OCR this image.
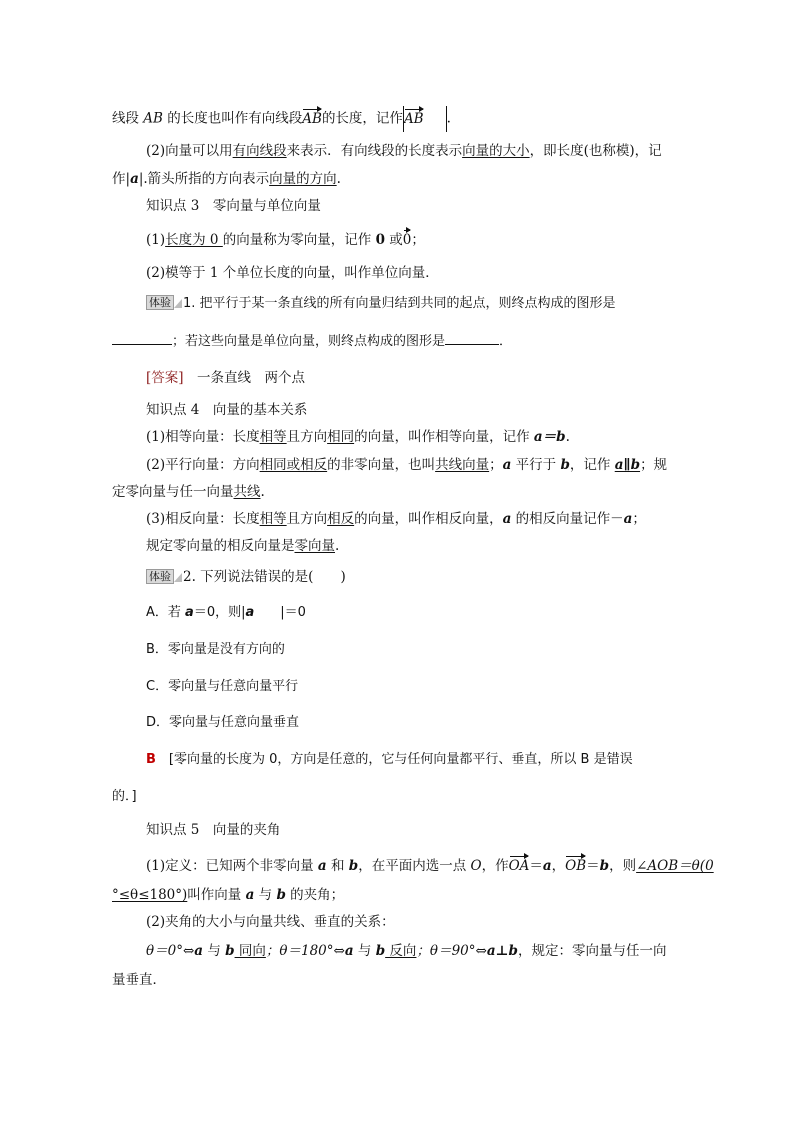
线段 AB 的长度也叫作有向线段AB的长度，记作AB .
(2)向量可以用有向线段来表示．有向线段的长度表示向量的大小，即长度(也称模)，记
作|a|.箭头所指的方向表示向量的方向.
知识点 3　零向量与单位向量
(1)长度为 0 的向量称为零向量，记作 0 或0；
(2)模等于 1 个单位长度的向量，叫作单位向量．
体验 1. 把平行于某一条直线的所有向量归结到共同的起点，则终点构成的图形是
；若这些向量是单位向量，则终点构成的图形是	．
[答案]　一条直线　两个点
知识点 4　向量的基本关系
(1)相等向量：长度相等且方向相同的向量，叫作相等向量，记作 a＝b.
(2)平行向量：方向相同或相反的非零向量，也叫共线向量；a 平行于 b，记作 a∥b；规
定零向量与任一向量共线.
(3)相反向量：长度相等且方向相反的向量，叫作相反向量，a 的相反向量记作－a；
规定零向量的相反向量是零向量.
体验 2. 下列说法错误的是(　　)
A．若 a＝0，则|a　　|＝0
B．零向量是没有方向的
C．零向量与任意向量平行
D．零向量与任意向量垂直
B　[零向量的长度为 0，方向是任意的，它与任何向量都平行、垂直，所以 B 是错误
的．]
知识点 5　向量的夹角
(1)定义：已知两个非零向量 a 和 b，在平面内选一点 O，作OA＝a，OB＝b，则∠AOB＝θ(0
°≤θ≤180°)叫作向量 a 与 b 的夹角；
(2)夹角的大小与向量共线、垂直的关系：
θ＝0°⇔a 与 b 同向；θ＝180°⇔a 与 b 反向；θ＝90°⇔a⊥b，规定：零向量与任一向
量垂直．
